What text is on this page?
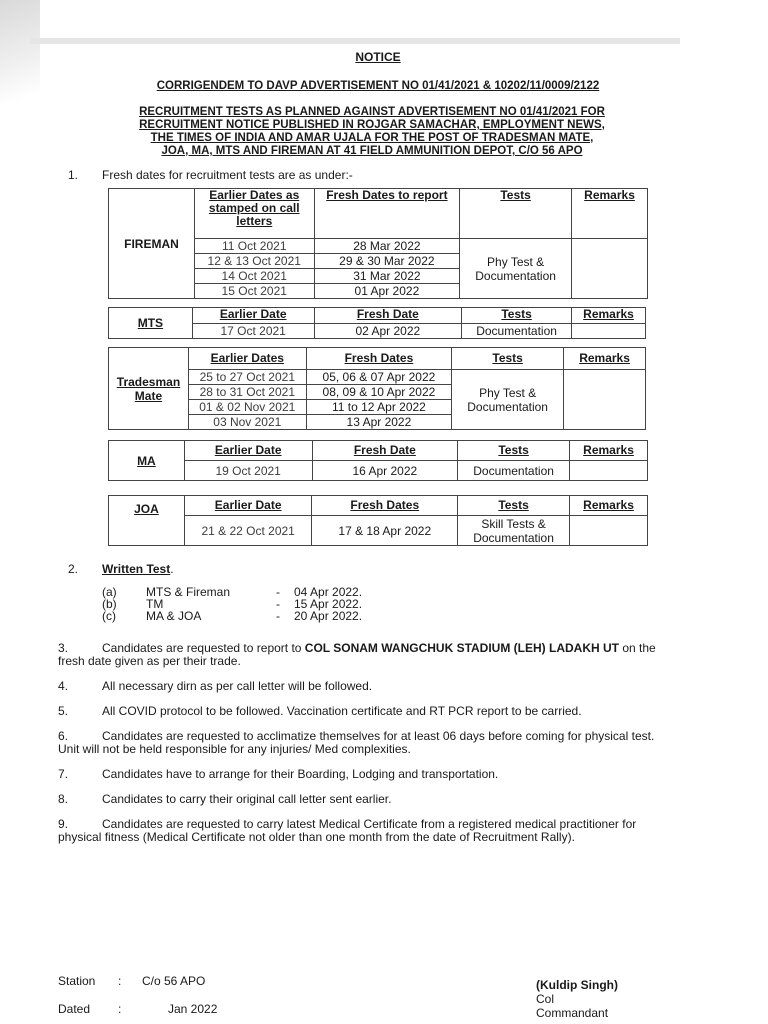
NOTICE
CORRIGENDEM TO DAVP ADVERTISEMENT NO 01/41/2021 & 10202/11/0009/2122
RECRUITMENT TESTS AS PLANNED AGAINST ADVERTISEMENT NO 01/41/2021 FOR
RECRUITMENT NOTICE PUBLISHED IN ROJGAR SAMACHAR, EMPLOYMENT NEWS,
THE TIMES OF INDIA AND AMAR UJALA FOR THE POST OF TRADESMAN MATE,
JOA, MA, MTS AND FIREMAN AT 41 FIELD AMMUNITION DEPOT, C/O 56 APO
1.	Fresh dates for recruitment tests are as under:-
FIREMAN	Earlier Dates as stamped on call letters	Fresh Dates to report	Tests	Remarks
	11 Oct 2021	28 Mar 2022	Phy Test & Documentation	
	12 & 13 Oct 2021	29 & 30 Mar 2022		
	14 Oct 2021	31 Mar 2022		
	15 Oct 2021	01 Apr 2022		
MTS	Earlier Date	Fresh Date	Tests	Remarks
	17 Oct 2021	02 Apr 2022	Documentation	
Tradesman Mate	Earlier Dates	Fresh Dates	Tests	Remarks
	25 to 27 Oct 2021	05, 06 & 07 Apr 2022	Phy Test & Documentation	
	28 to 31 Oct 2021	08, 09 & 10 Apr 2022		
	01 & 02 Nov 2021	11 to 12 Apr 2022		
	03 Nov 2021	13 Apr 2022		
MA	Earlier Date	Fresh Date	Tests	Remarks
	19 Oct 2021	16 Apr 2022	Documentation	
JOA	Earlier Date	Fresh Dates	Tests	Remarks
	21 & 22 Oct 2021	17 & 18 Apr 2022	Skill Tests & Documentation	
2.	Written Test .
(a)	MTS & Fireman	-	04 Apr 2022.
(b)	TM	-	15 Apr 2022.
(c)	MA & JOA	-	20 Apr 2022.
3.	Candidates are requested to report to COL SONAM WANGCHUK STADIUM (LEH) LADAKH UT on the fresh date given as per their trade.
4.	All necessary dirn as per call letter will be followed.
5.	All COVID protocol to be followed. Vaccination certificate and RT PCR report to be carried.
6.	Candidates are requested to acclimatize themselves for at least 06 days before coming for physical test. Unit will not be held responsible for any injuries/ Med complexities.
7.	Candidates have to arrange for their Boarding, Lodging and transportation.
8.	Candidates to carry their original call letter sent earlier.
9.	Candidates are requested to carry latest Medical Certificate from a registered medical practitioner for physical fitness (Medical Certificate not older than one month from the date of Recruitment Rally).
Station	:	C/o 56 APO
Dated	:	Jan 2022
(Kuldip Singh)
Col
Commandant
